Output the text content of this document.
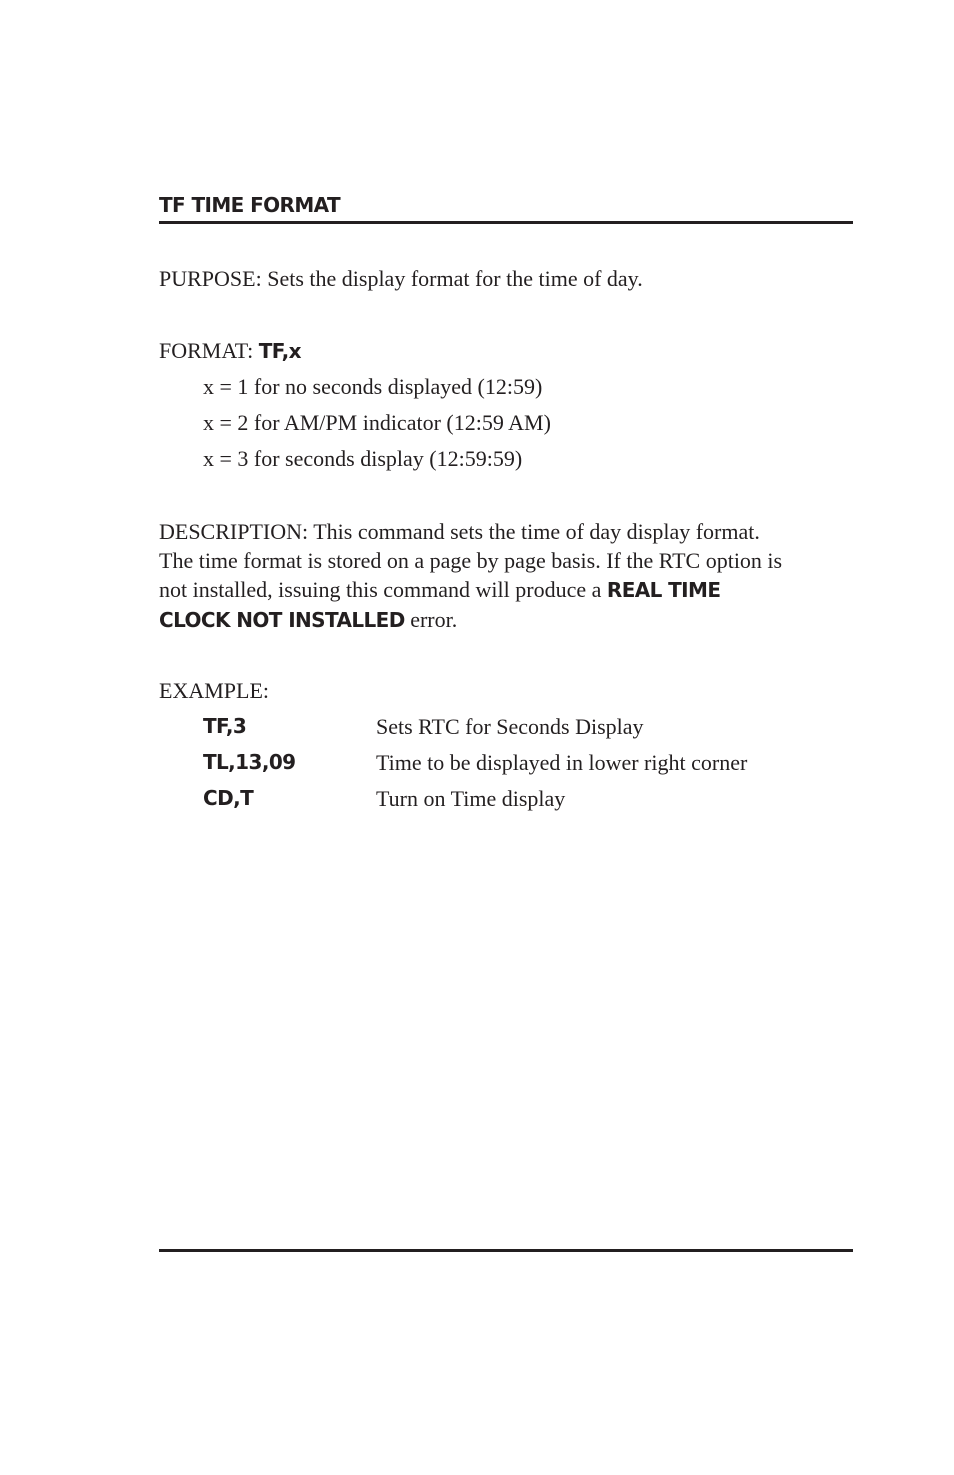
TF TIME FORMAT
PURPOSE: Sets the display format for the time of day.
FORMAT: TF,x
x = 1 for no seconds displayed (12:59)
x = 2 for AM/PM indicator (12:59 AM)
x = 3 for seconds display (12:59:59)
DESCRIPTION: This command sets the time of day display format.
The time format is stored on a page by page basis. If the RTC option is
not installed, issuing this command will produce a REAL TIME
CLOCK NOT INSTALLED error.
EXAMPLE:
TF,3	Sets RTC for Seconds Display
TL,13,09	Time to be displayed in lower right corner
CD,T	Turn on Time display
